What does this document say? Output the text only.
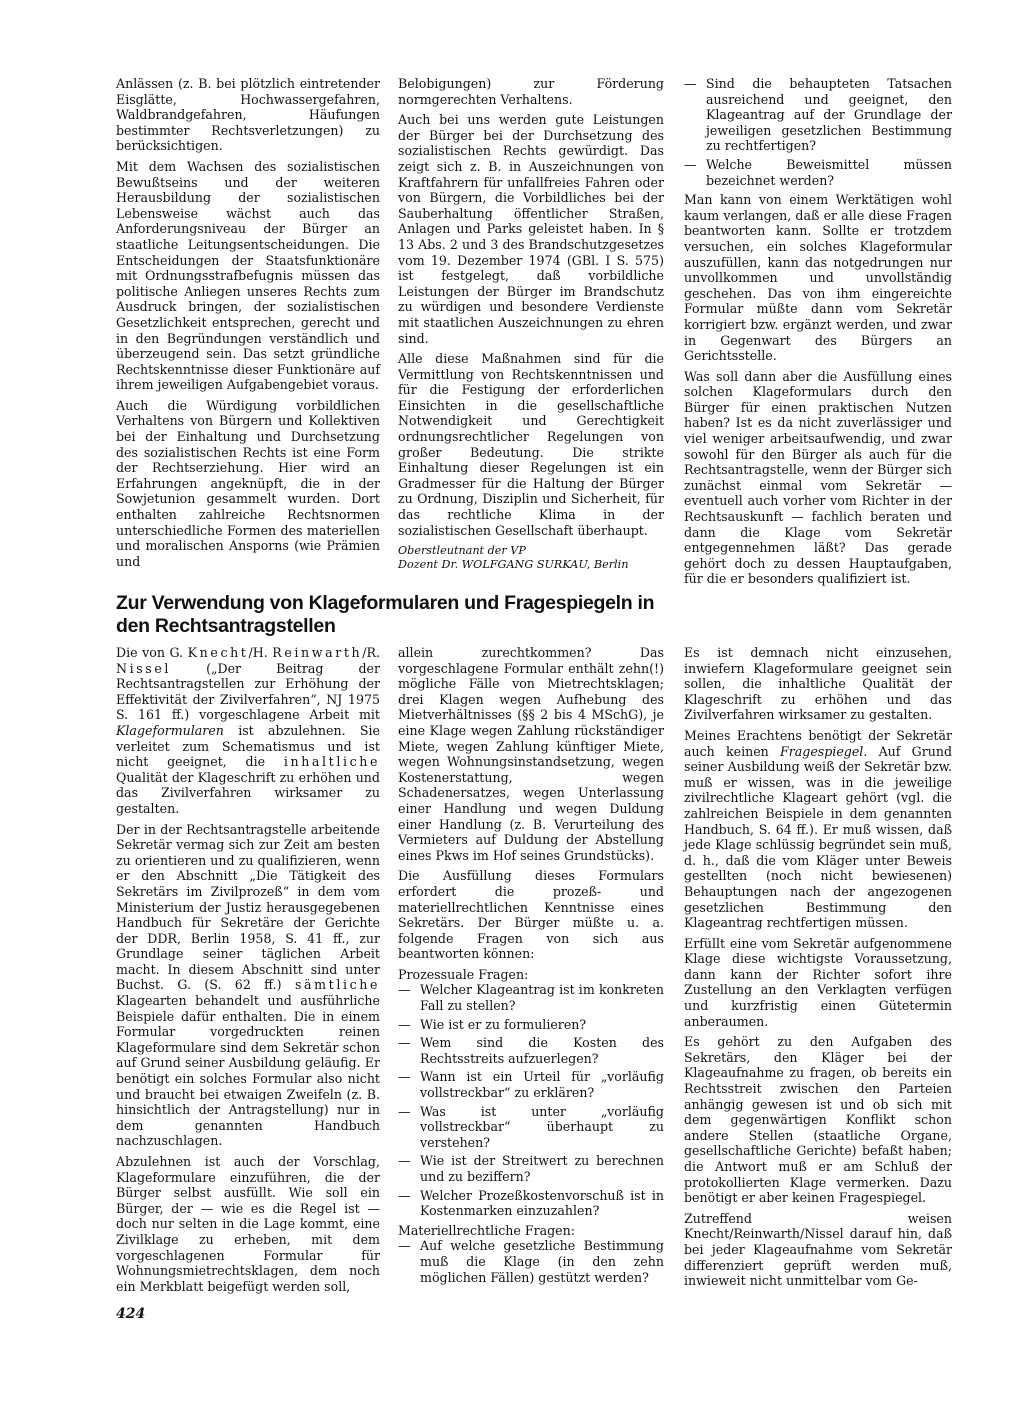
Anlässen (z. B. bei plötzlich eintretender Eisglätte, Hochwassergefahren, Waldbrandgefahren, Häufungen bestimmter Rechtsverletzungen) zu berücksichtigen.

Mit dem Wachsen des sozialistischen Bewußtseins und der weiteren Herausbildung der sozialistischen Lebensweise wächst auch das Anforderungsniveau der Bürger an staatliche Leitungsentscheidungen. Die Entscheidungen der Staatsfunktionäre mit Ordnungsstrafbefugnis müssen das politische Anliegen unseres Rechts zum Ausdruck bringen, der sozialistischen Gesetzlichkeit entsprechen, gerecht und in den Begründungen verständlich und überzeugend sein. Das setzt gründliche Rechtskenntnisse dieser Funktionäre auf ihrem jeweiligen Aufgabengebiet voraus.

Auch die Würdigung vorbildlichen Verhaltens von Bürgern und Kollektiven bei der Einhaltung und Durchsetzung des sozialistischen Rechts ist eine Form der Rechtserziehung. Hier wird an Erfahrungen angeknüpft, die in der Sowjetunion gesammelt wurden. Dort enthalten zahlreiche Rechtsnormen unterschiedliche Formen des materiellen und moralischen Ansporns (wie Prämien und

Belobigungen) zur Förderung normgerechten Verhaltens.

Auch bei uns werden gute Leistungen der Bürger bei der Durchsetzung des sozialistischen Rechts gewürdigt. Das zeigt sich z. B. in Auszeichnungen von Kraftfahrern für unfallfreies Fahren oder von Bürgern, die Vorbildliches bei der Sauberhaltung öffentlicher Straßen, Anlagen und Parks geleistet haben. In § 13 Abs. 2 und 3 des Brandschutzgesetzes vom 19. Dezember 1974 (GBl. I S. 575) ist festgelegt, daß vorbildliche Leistungen der Bürger im Brandschutz zu würdigen und besondere Verdienste mit staatlichen Auszeichnungen zu ehren sind.

Alle diese Maßnahmen sind für die Vermittlung von Rechtskenntnissen und für die Festigung der erforderlichen Einsichten in die gesellschaftliche Notwendigkeit und Gerechtigkeit ordnungsrechtlicher Regelungen von großer Bedeutung. Die strikte Einhaltung dieser Regelungen ist ein Gradmesser für die Haltung der Bürger zu Ordnung, Disziplin und Sicherheit, für das rechtliche Klima in der sozialistischen Gesellschaft überhaupt.

Oberstleutnant der VP
Dozent Dr. WOLFGANG SURKAU, Berlin
— Sind die behaupteten Tatsachen ausreichend und geeignet, den Klageantrag auf der Grundlage der jeweiligen gesetzlichen Bestimmung zu rechtfertigen?
— Welche Beweismittel müssen bezeichnet werden?

Man kann von einem Werktätigen wohl kaum verlangen, daß er alle diese Fragen beantworten kann. Sollte er trotzdem versuchen, ein solches Klageformular auszufüllen, kann das notgedrungen nur unvollkommen und unvollständig geschehen. Das von ihm eingereichte Formular müßte dann vom Sekretär korrigiert bzw. ergänzt werden, und zwar in Gegenwart des Bürgers an Gerichtsstelle.

Was soll dann aber die Ausfüllung eines solchen Klageformulars durch den Bürger für einen praktischen Nutzen haben? Ist es da nicht zuverlässiger und viel weniger arbeitsaufwendig, und zwar sowohl für den Bürger als auch für die Rechtsantragstelle, wenn der Bürger sich zunächst einmal vom Sekretär — eventuell auch vorher vom Richter in der Rechtsauskunft — fachlich beraten und dann die Klage vom Sekretär entgegennehmen läßt? Das gerade gehört doch zu dessen Hauptaufgaben, für die er besonders qualifiziert ist.

Zur Verwendung von Klageformularen und Fragespiegeln in den Rechtsantragstellen

Die von G. Knecht/H. Reinwarth/R. Nissel	(„Der Beitrag der Rechtsantragstellen zur Erhöhung der Effektivität der Zivilverfahren“, NJ 1975 S. 161 ff.) vorgeschlagene Arbeit mit Klageformularen ist abzulehnen. Sie verleitet zum Schematismus und ist nicht geeignet, die inhaltliche Qualität der Klageschrift zu erhöhen und das Zivilverfahren wirksamer zu gestalten.

Der in der Rechtsantragstelle arbeitende Sekretär vermag sich zur Zeit am besten zu orientieren und zu qualifizieren, wenn er den Abschnitt „Die Tätigkeit des Sekretärs im Zivilprozeß“ in dem vom Ministerium der Justiz herausgegebenen Handbuch für Sekretäre der Gerichte der DDR, Berlin 1958, S. 41 ff., zur Grundlage seiner täglichen Arbeit macht. In diesem Abschnitt sind unter Buchst. G. (S. 62 ff.) sämtliche Klagearten behandelt und ausführliche Beispiele dafür enthalten. Die in einem Formular vorgedruckten reinen Klageformulare sind dem Sekretär schon auf Grund seiner Ausbildung geläufig. Er benötigt ein solches Formular also nicht und braucht bei etwaigen Zweifeln (z. B. hinsichtlich der Antragstellung) nur in dem genannten Handbuch nachzuschlagen.

Abzulehnen ist auch der Vorschlag, Klageformulare einzuführen, die der Bürger selbst ausfüllt. Wie soll ein Bürger, der — wie es die Regel ist — doch nur selten in die Lage kommt, eine Zivilklage zu erheben, mit dem vorgeschlagenen Formular für Wohnungsmietrechtsklagen, dem noch ein Merkblatt beigefügt werden soll,

allein zurechtkommen? Das vorgeschlagene Formular enthält zehn(!) mögliche Fälle von Mietrechtsklagen; drei Klagen wegen Aufhebung des Mietverhältnisses (§§ 2 bis 4 MSchG), je eine Klage wegen Zahlung rückständiger Miete, wegen Zahlung künftiger Miete, wegen Wohnungsinstandsetzung, wegen Kostenerstattung, wegen Schadenersatzes, wegen Unterlassung einer Handlung und wegen Duldung einer Handlung (z. B. Verurteilung des Vermieters auf Duldung der Abstellung eines Pkws im Hof seines Grundstücks).

Die Ausfüllung dieses Formulars erfordert die prozeß- und materiellrechtlichen Kenntnisse eines Sekretärs. Der Bürger müßte u. a. folgende Fragen von sich aus beantworten können:

Prozessuale Fragen:

— Welcher Klageantrag ist im konkreten Fall zu stellen?
— Wie ist er zu formulieren?
— Wem sind die Kosten des Rechtsstreits aufzuerlegen?
— Wann ist ein Urteil für „vorläufig vollstreckbar“ zu erklären?
— Was ist unter „vorläufig vollstreckbar“ überhaupt zu verstehen?
— Wie ist der Streitwert zu berechnen und zu beziffern?
— Welcher Prozeßkostenvorschuß ist in Kostenmarken einzuzahlen?

Materiellrechtliche Fragen:

— Auf welche gesetzliche Bestimmung muß die Klage (in den zehn möglichen Fällen) gestützt werden?

Es ist demnach nicht einzusehen, inwiefern Klageformulare geeignet sein sollen, die inhaltliche Qualität der Klageschrift zu erhöhen und das Zivilverfahren wirksamer zu gestalten.

Meines Erachtens benötigt der Sekretär auch keinen Fragespiegel. Auf Grund seiner Ausbildung weiß der Sekretär bzw. muß er wissen, was in die jeweilige zivilrechtliche Klageart gehört (vgl. die zahlreichen Beispiele in dem genannten Handbuch, S. 64 ff.). Er muß wissen, daß jede Klage schlüssig begründet sein muß, d. h., daß die vom Kläger unter Beweis gestellten (noch nicht bewiesenen) Behauptungen nach der angezogenen gesetzlichen Bestimmung den Klageantrag rechtfertigen müssen.

Erfüllt eine vom Sekretär aufgenommene Klage diese wichtigste Voraussetzung, dann kann der Richter sofort ihre Zustellung an den Verklagten verfügen und kurzfristig einen Gütetermin anberaumen.

Es gehört zu den Aufgaben des Sekretärs, den Kläger bei der Klageaufnahme zu fragen, ob bereits ein Rechtsstreit zwischen den Parteien anhängig gewesen ist und ob sich mit dem gegenwärtigen Konflikt schon andere Stellen (staatliche Organe, gesellschaftliche Gerichte) befaßt haben; die Antwort muß er am Schluß der protokollierten Klage vermerken. Dazu benötigt er aber keinen Fragespiegel.

Zutreffend weisen Knecht/Reinwarth/Nissel darauf hin, daß bei jeder Klageaufnahme vom Sekretär differenziert geprüft werden muß, inwieweit nicht unmittelbar vom Ge-

424
